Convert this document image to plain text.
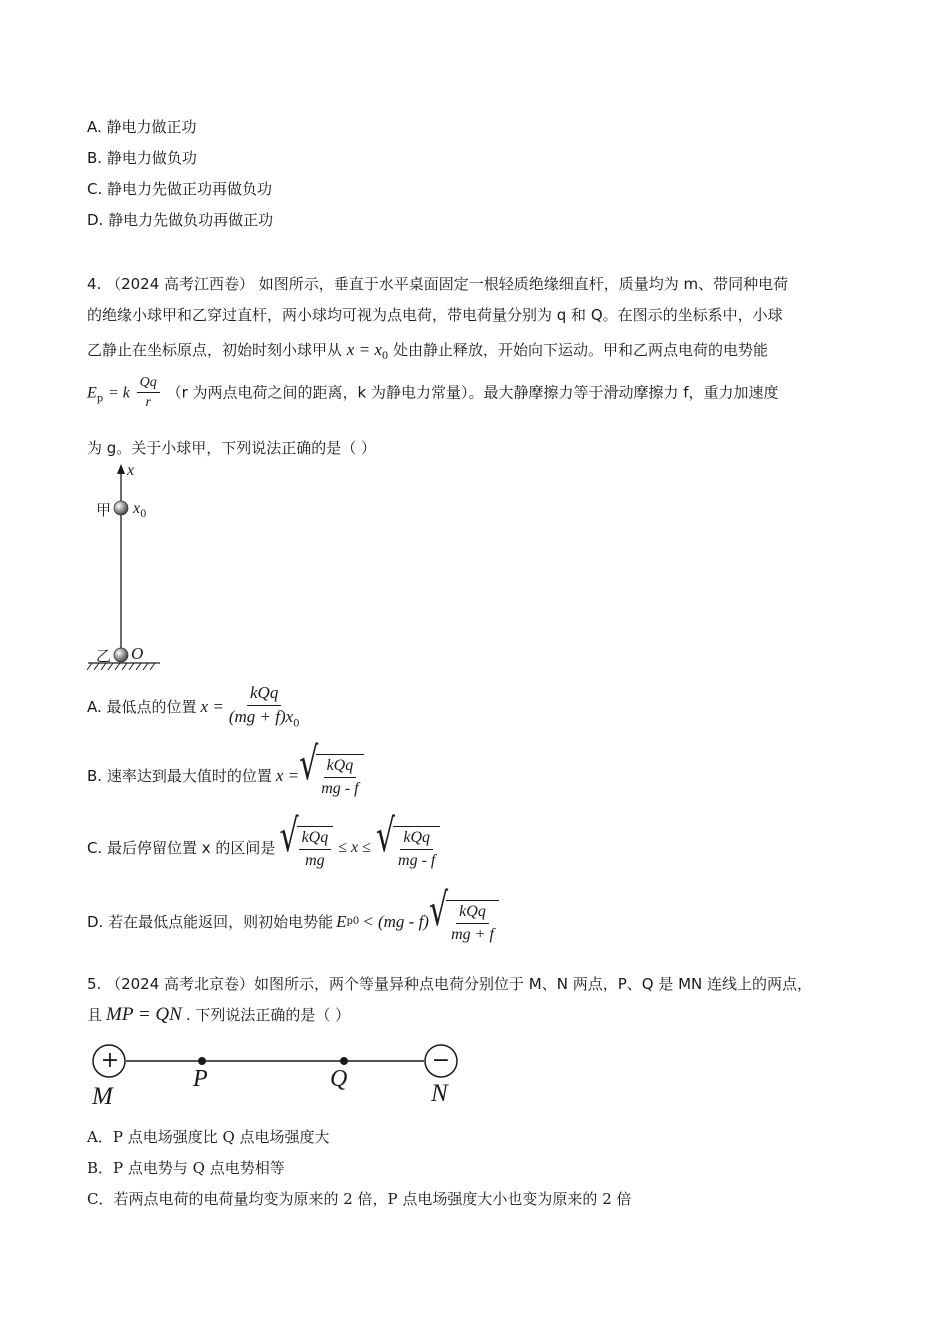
A. 静电力做正功
B. 静电力做负功
C. 静电力先做正功再做负功
D. 静电力先做负功再做正功
4. （2024 高考江西卷） 如图所示，垂直于水平桌面固定一根轻质绝缘细直杆，质量均为 m、带同种电荷
的绝缘小球甲和乙穿过直杆，两小球均可视为点电荷，带电荷量分别为 q 和 Q。在图示的坐标系中，小球
乙静止在坐标原点，初始时刻小球甲从 $x = x_0$ 处由静止释放，开始向下运动。甲和乙两点电荷的电势能
$E_p = k \frac{Qq}{r} (r$ 为两点电荷之间的距离，k 为静电力常量）。最大静摩擦力等于滑动摩擦力 f，重力加速度
为 g。关于小球甲，下列说法正确的是（ ）
x
甲 $x_0$
乙 O
A. 最低点的位置 $x = \frac{\text{kQq}}{(mg + f)x_0}$
B. 速率达到最大值时的位置 x = √ $\frac{\text{kQq}}{mg - f}$
C. 最后停留位置 x 的区间是 √ $\frac{\text{kQq}}{mg} \le x$ ≤ √ $\frac{\text{kQq}}{mg - f}$
D. 若在最低点能返回，则初始电势能 E p0 < (mg - f) √ $\frac{\text{kQq}}{mg + f}$
5. （2024 高考北京卷）如图所示，两个等量异种点电荷分别位于 M、N 两点，P、Q 是 MN 连线上的两点，
且 MP = QN . 下列说法正确的是（ ）
+	−
M
P	Q
N
A．P 点电场强度比 Q 点电场强度大
B．P 点电势与 Q 点电势相等
C．若两点电荷的电荷量均变为原来的 2 倍，P 点电场强度大小也变为原来的 2 倍
